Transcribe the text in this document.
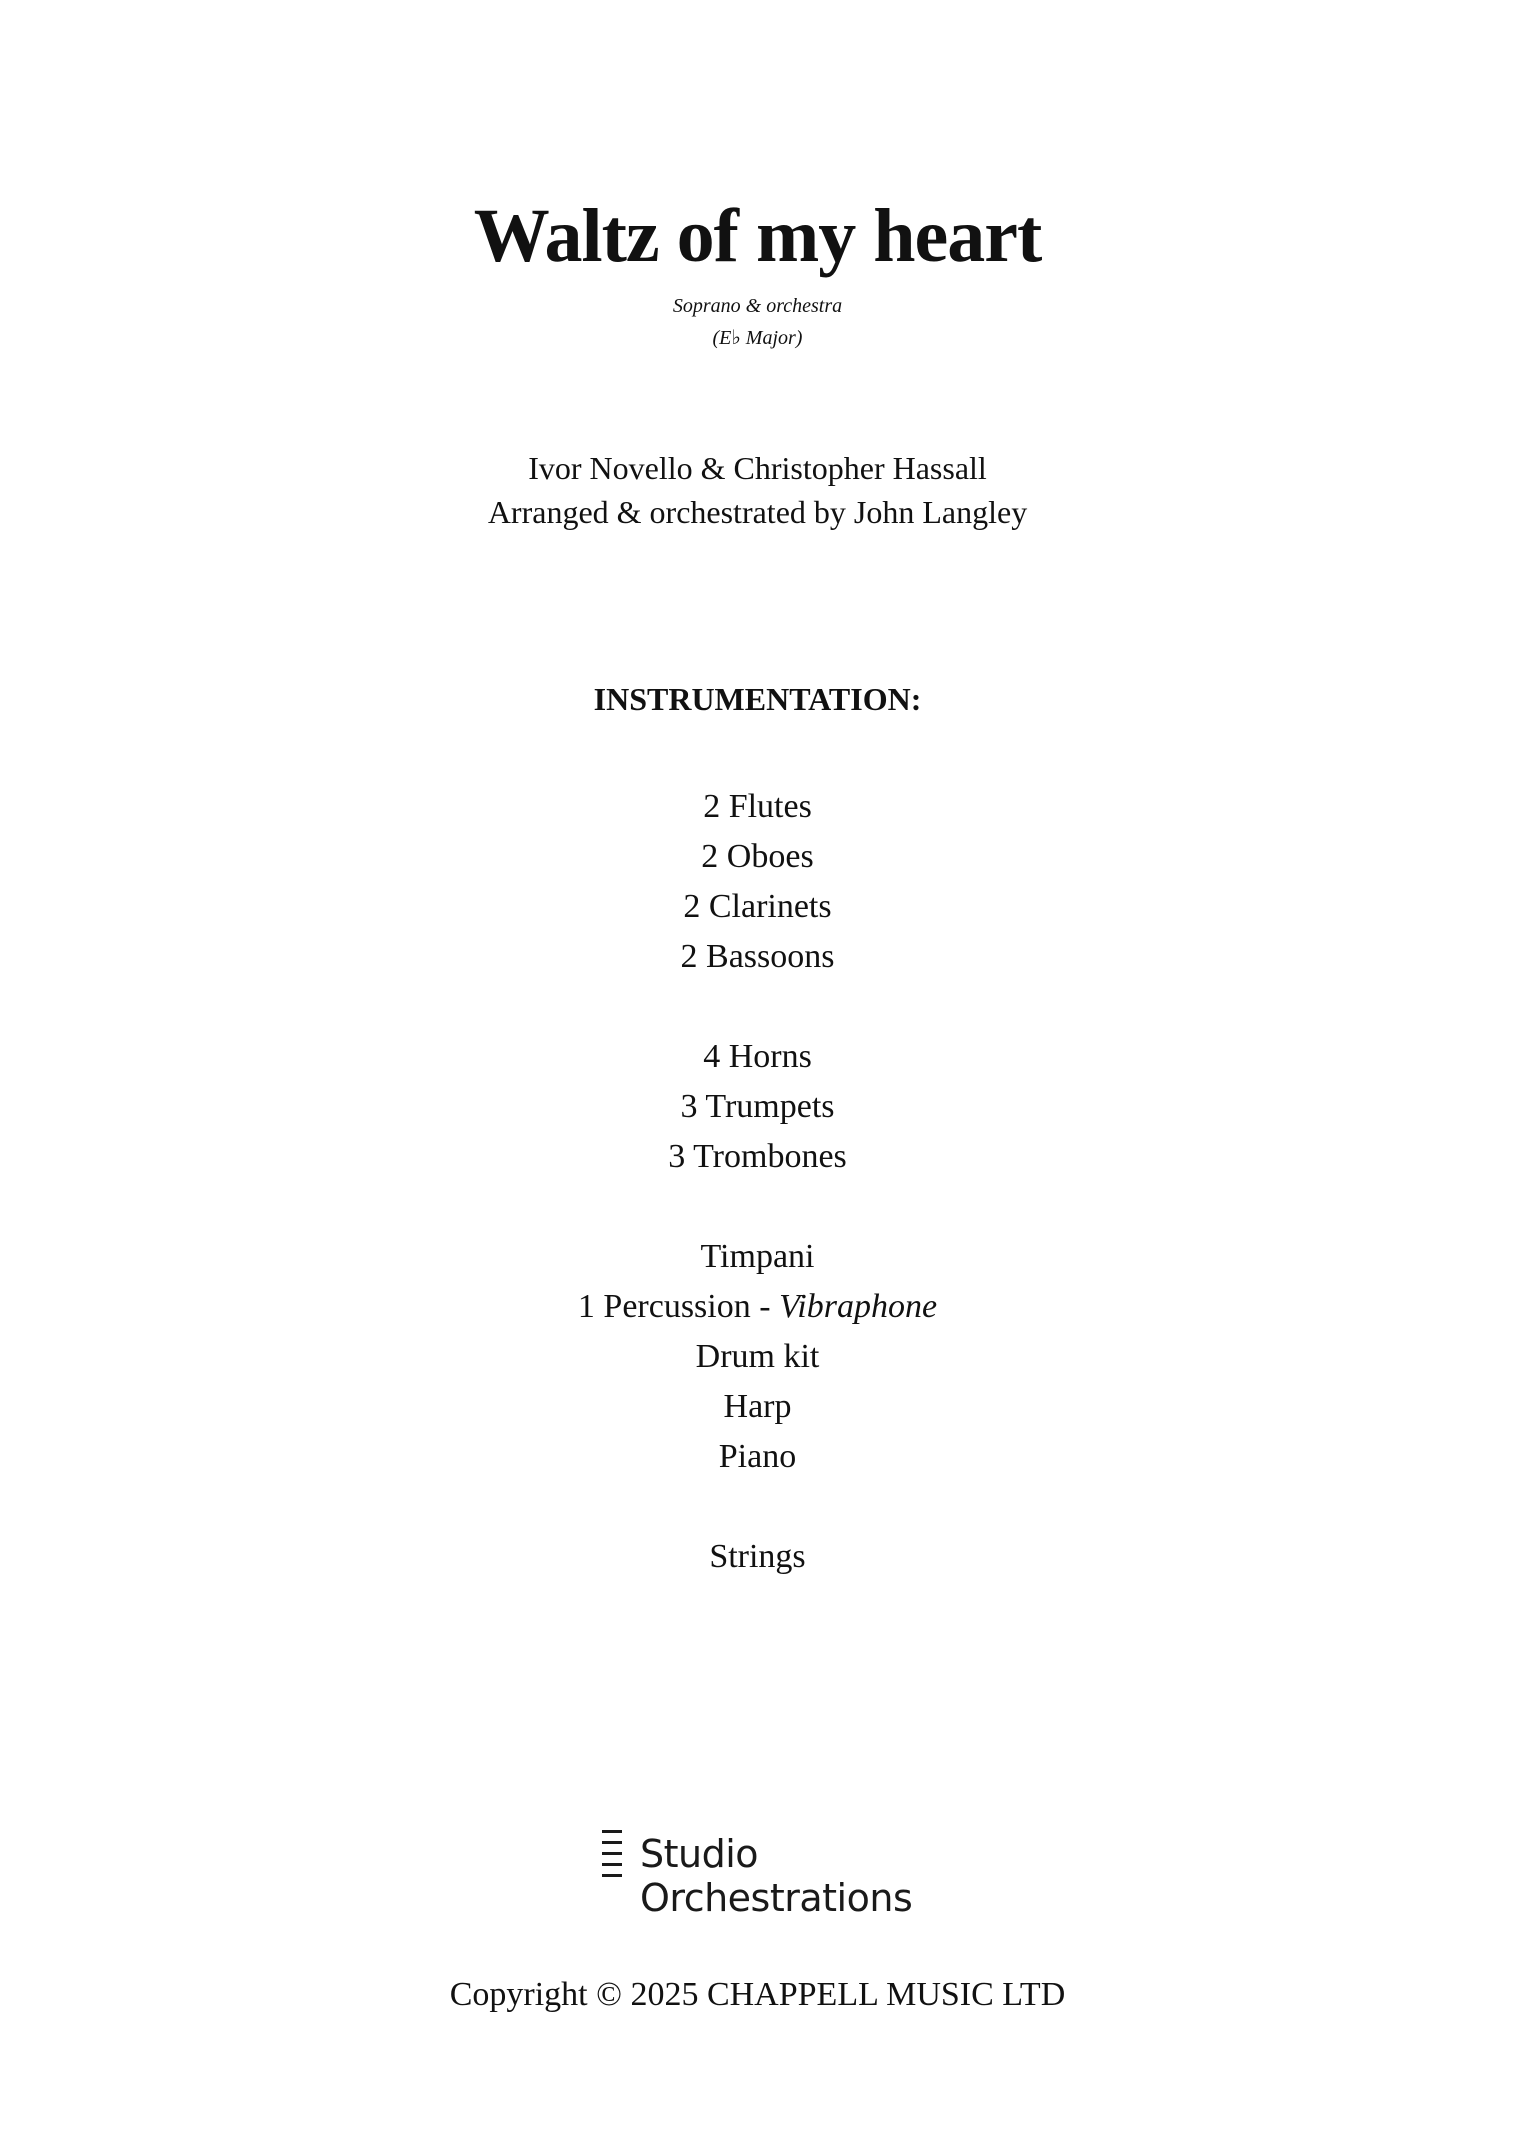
Waltz of my heart
Soprano & orchestra
(E♭ Major)
Ivor Novello & Christopher Hassall
Arranged & orchestrated by John Langley
INSTRUMENTATION:
2 Flutes
2 Oboes
2 Clarinets
2 Bassoons
4 Horns
3 Trumpets
3 Trombones
Timpani
1 Percussion - Vibraphone
Drum kit
Harp
Piano
Strings
Studio
Orchestrations
Copyright © 2025 CHAPPELL MUSIC LTD
